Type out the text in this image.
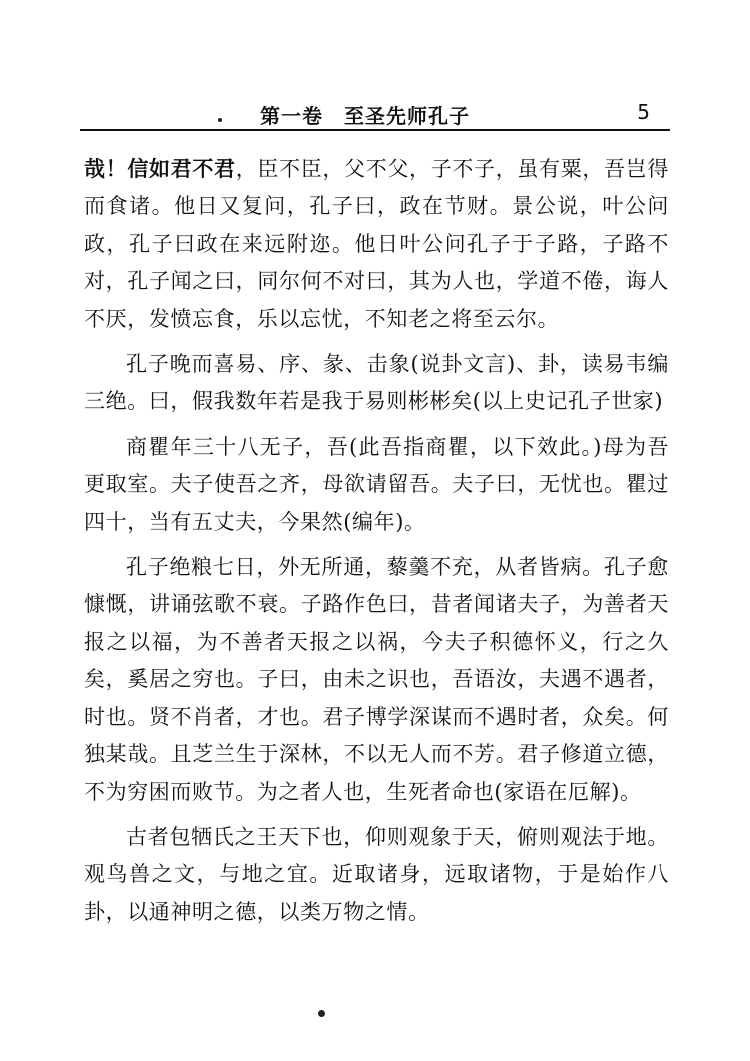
第一卷　至圣先师孔子	5

哉！信如君不君，臣不臣，父不父，子不子，虽有粟，吾岂得而食诸。他日又复问，孔子曰，政在节财。景公说，叶公问政，孔子曰政在来远附迩。他日叶公问孔子于子路，子路不对，孔子闻之曰，同尔何不对曰，其为人也，学道不倦，诲人不厌，发愤忘食，乐以忘忧，不知老之将至云尔。

孔子晚而喜易、序、彖、击象(说卦文言)、卦，读易韦编三绝。曰，假我数年若是我于易则彬彬矣(以上史记孔子世家)

商瞿年三十八无子，吾(此吾指商瞿，以下效此。)母为吾更取室。夫子使吾之齐，母欲请留吾。夫子曰，无忧也。瞿过四十，当有五丈夫，今果然(编年)。

孔子绝粮七日，外无所通，藜羹不充，从者皆病。孔子愈慷慨，讲诵弦歌不衰。子路作色曰，昔者闻诸夫子，为善者天报之以福，为不善者天报之以祸，今夫子积德怀义，行之久矣，奚居之穷也。子曰，由未之识也，吾语汝，夫遇不遇者，时也。贤不肖者，才也。君子博学深谋而不遇时者，众矣。何独某哉。且芝兰生于深林，不以无人而不芳。君子修道立德，不为穷困而败节。为之者人也，生死者命也(家语在厄解)。

古者包牺氏之王天下也，仰则观象于天，俯则观法于地。观鸟兽之文，与地之宜。近取诸身，远取诸物，于是始作八卦，以通神明之德，以类万物之情。
